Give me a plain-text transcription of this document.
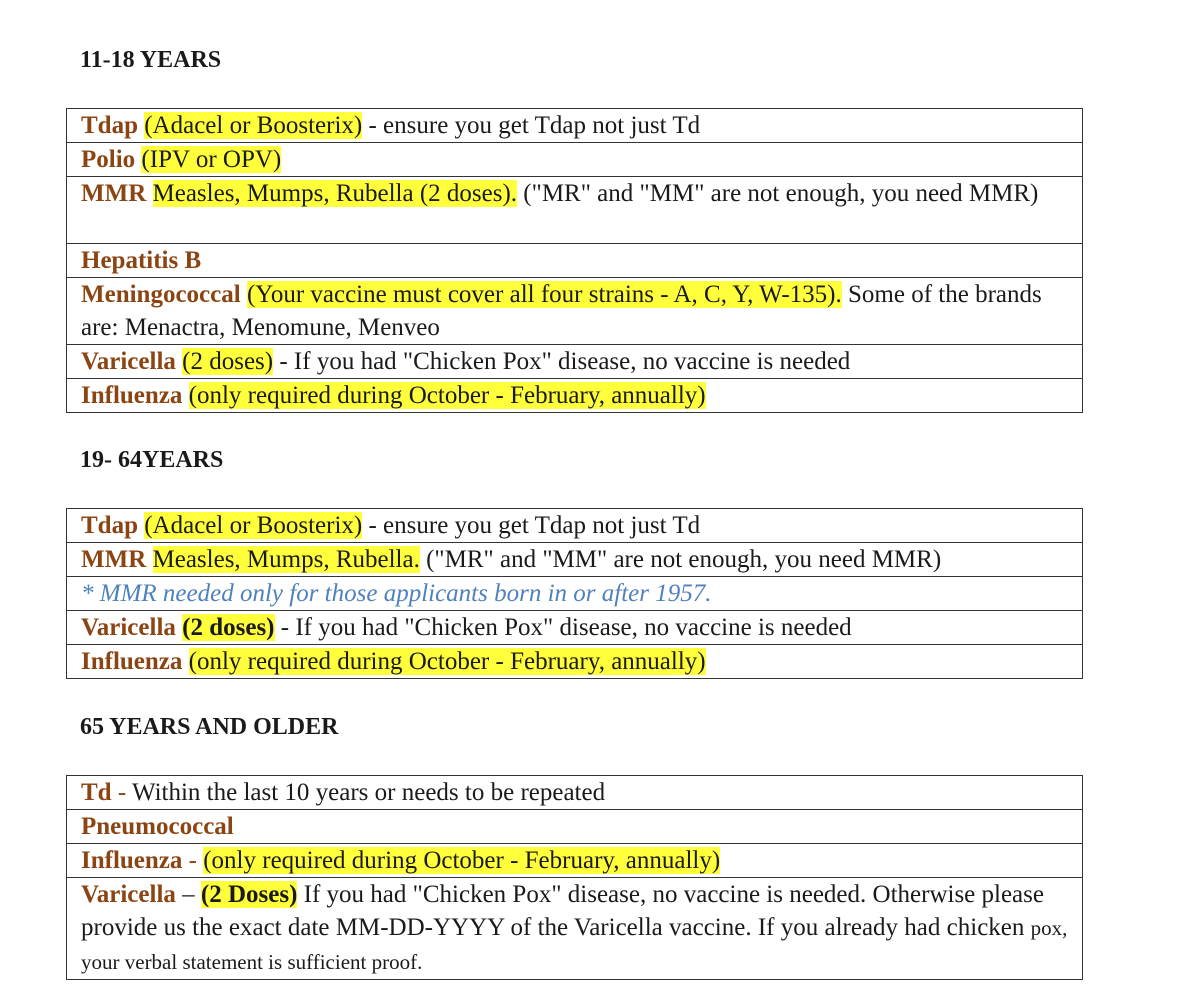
11-18 YEARS
Tdap (Adacel or Boosterix) - ensure you get Tdap not just Td
Polio (IPV or OPV)
MMR Measles, Mumps, Rubella (2 doses). ("MR" and "MM" are not enough, you need MMR)
Hepatitis B
Meningococcal (Your vaccine must cover all four strains - A, C, Y, W-135). Some of the brands are: Menactra, Menomune, Menveo
Varicella (2 doses) - If you had "Chicken Pox" disease, no vaccine is needed
Influenza (only required during October - February, annually)
19- 64YEARS
Tdap (Adacel or Boosterix) - ensure you get Tdap not just Td
MMR Measles, Mumps, Rubella. ("MR" and "MM" are not enough, you need MMR)
* MMR needed only for those applicants born in or after 1957.
Varicella (2 doses) - If you had "Chicken Pox" disease, no vaccine is needed
Influenza (only required during October - February, annually)
65 YEARS AND OLDER
Td - Within the last 10 years or needs to be repeated
Pneumococcal
Influenza - (only required during October - February, annually)
Varicella – (2 Doses) If you had "Chicken Pox" disease, no vaccine is needed. Otherwise please provide us the exact date MM-DD-YYYY of the Varicella vaccine. If you already had chicken pox, your verbal statement is sufficient proof.
